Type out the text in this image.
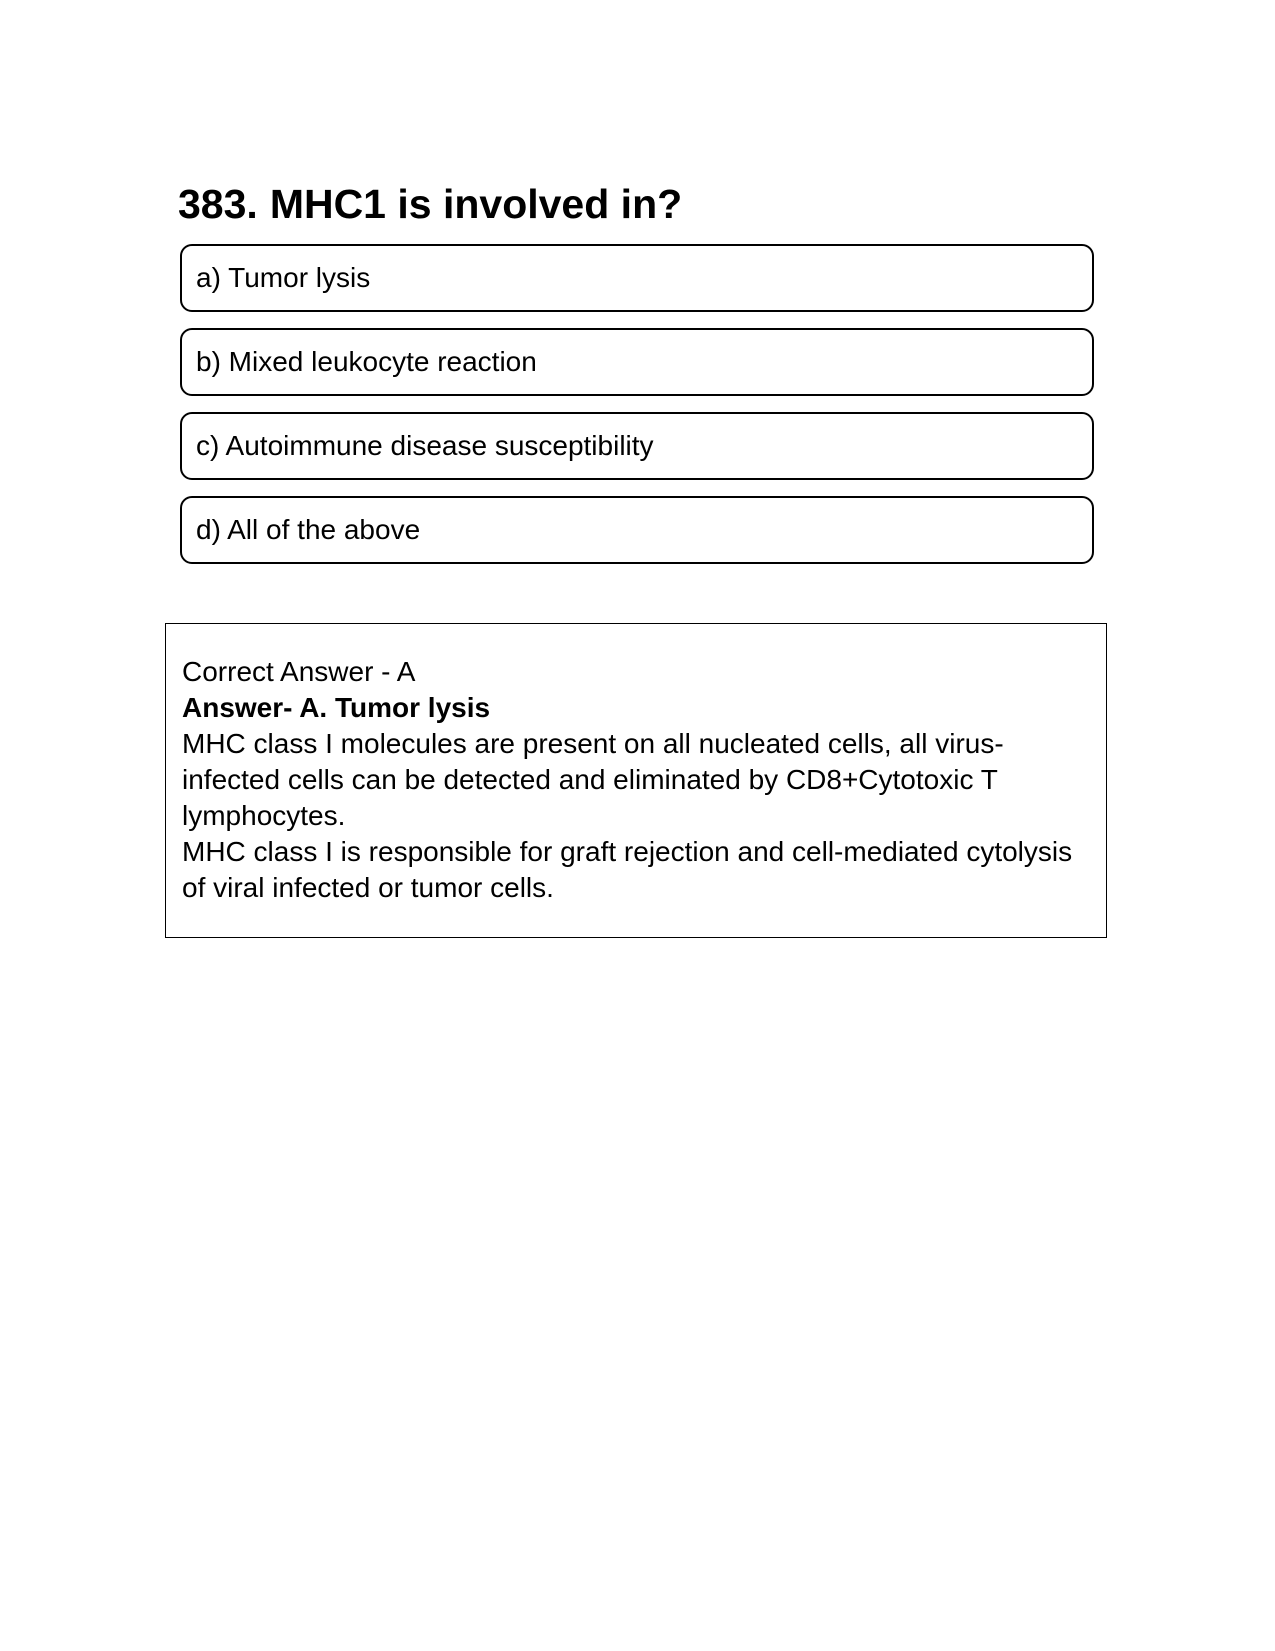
383. MHC1 is involved in?
a) Tumor lysis
b) Mixed leukocyte reaction
c) Autoimmune disease susceptibility
d) All of the above
Correct Answer - A
Answer- A. Tumor lysis
MHC class I molecules are present on all nucleated cells, all virus-infected cells can be detected and eliminated by CD8+Cytotoxic T lymphocytes.
MHC class I is responsible for graft rejection and cell-mediated cytolysis of viral infected or tumor cells.
